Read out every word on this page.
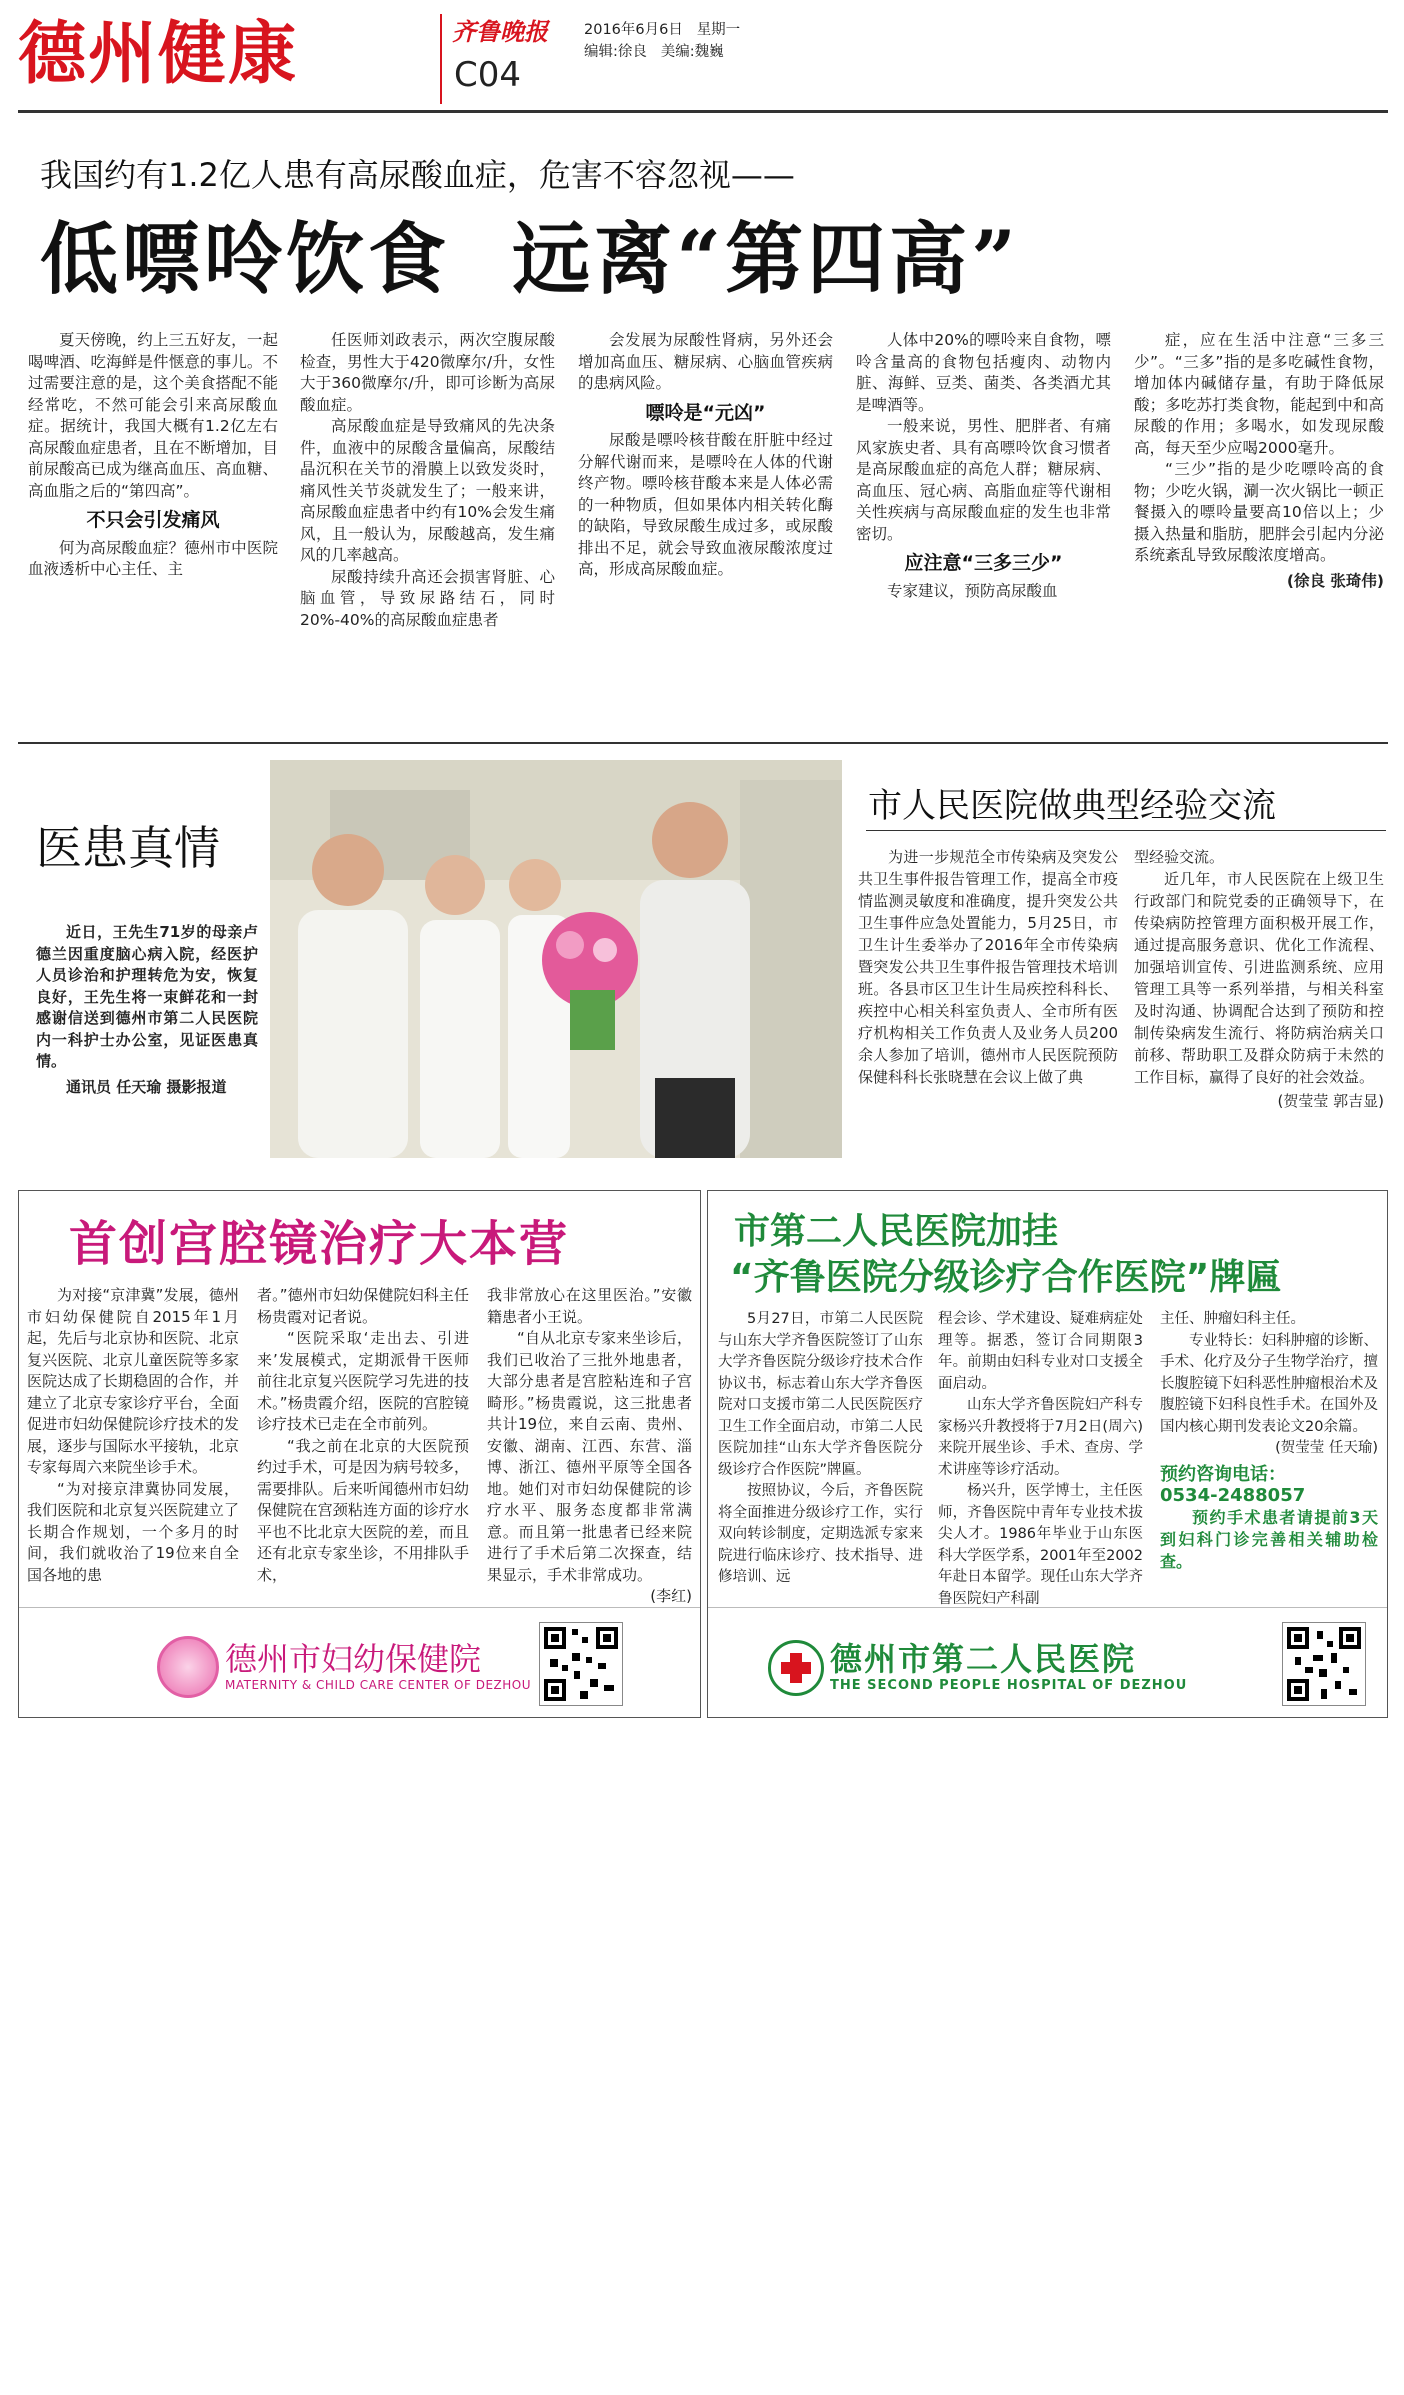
德州健康	齐鲁晚报
C04
2016年6月6日 星期一
编辑:徐良 美编:魏巍
我国约有1.2亿人患有高尿酸血症，危害不容忽视——
低嘌呤饮食  远离“第四高”

夏天傍晚，约上三五好友，一起喝啤酒、吃海鲜是件惬意的事儿。不过需要注意的是，这个美食搭配不能经常吃，不然可能会引来高尿酸血症。据统计，我国大概有1.2亿左右高尿酸血症患者，且在不断增加，目前尿酸高已成为继高血压、高血糖、高血脂之后的“第四高”。

不只会引发痛风

何为高尿酸血症？德州市中医院血液透析中心主任、主

任医师刘政表示，两次空腹尿酸检查，男性大于420微摩尔/升，女性大于360微摩尔/升，即可诊断为高尿酸血症。

高尿酸血症是导致痛风的先决条件，血液中的尿酸含量偏高，尿酸结晶沉积在关节的滑膜上以致发炎时，痛风性关节炎就发生了；一般来讲，高尿酸血症患者中约有10%会发生痛风，且一般认为，尿酸越高，发生痛风的几率越高。

尿酸持续升高还会损害肾脏、心脑血管，导致尿路结石，同时20%-40%的高尿酸血症患者

会发展为尿酸性肾病，另外还会增加高血压、糖尿病、心脑血管疾病的患病风险。

嘌呤是“元凶”

尿酸是嘌呤核苷酸在肝脏中经过分解代谢而来，是嘌呤在人体的代谢终产物。嘌呤核苷酸本来是人体必需的一种物质，但如果体内相关转化酶的缺陷，导致尿酸生成过多，或尿酸排出不足，就会导致血液尿酸浓度过高，形成高尿酸血症。

人体中20%的嘌呤来自食物，嘌呤含量高的食物包括瘦肉、动物内脏、海鲜、豆类、菌类、各类酒尤其是啤酒等。

一般来说，男性、肥胖者、有痛风家族史者、具有高嘌呤饮食习惯者是高尿酸血症的高危人群；糖尿病、高血压、冠心病、高脂血症等代谢相关性疾病与高尿酸血症的发生也非常密切。

应注意“三多三少”

专家建议，预防高尿酸血

症，应在生活中注意“三多三少”。“三多”指的是多吃碱性食物，增加体内碱储存量，有助于降低尿酸；多吃苏打类食物，能起到中和高尿酸的作用；多喝水，如发现尿酸高，每天至少应喝2000毫升。

“三少”指的是少吃嘌呤高的食物；少吃火锅，涮一次火锅比一顿正餐摄入的嘌呤量要高10倍以上；少摄入热量和脂肪，肥胖会引起内分泌系统紊乱导致尿酸浓度增高。

(徐良 张琦伟)
医患真情

近日，王先生71岁的母亲卢德兰因重度脑心病入院，经医护人员诊治和护理转危为安，恢复良好，王先生将一束鲜花和一封感谢信送到德州市第二人民医院内一科护士办公室，见证医患真情。

通讯员 任天瑜 摄影报道

市人民医院做典型经验交流

为进一步规范全市传染病及突发公共卫生事件报告管理工作，提高全市疫情监测灵敏度和准确度，提升突发公共卫生事件应急处置能力，5月25日，市卫生计生委举办了2016年全市传染病暨突发公共卫生事件报告管理技术培训班。各县市区卫生计生局疾控科科长、疾控中心相关科室负责人、全市所有医疗机构相关工作负责人及业务人员200余人参加了培训，德州市人民医院预防保健科科长张晓慧在会议上做了典

型经验交流。

近几年，市人民医院在上级卫生行政部门和院党委的正确领导下，在传染病防控管理方面积极开展工作，通过提高服务意识、优化工作流程、加强培训宣传、引进监测系统、应用管理工具等一系列举措，与相关科室及时沟通、协调配合达到了预防和控制传染病发生流行、将防病治病关口前移、帮助职工及群众防病于未然的工作目标，赢得了良好的社会效益。

(贺莹莹 郭吉显)
首创宫腔镜治疗大本营

为对接“京津冀”发展，德州市妇幼保健院自2015年1月起，先后与北京协和医院、北京复兴医院、北京儿童医院等多家医院达成了长期稳固的合作，并建立了北京专家诊疗平台，全面促进市妇幼保健院诊疗技术的发展，逐步与国际水平接轨，北京专家每周六来院坐诊手术。

“为对接京津冀协同发展，我们医院和北京复兴医院建立了长期合作规划，一个多月的时间，我们就收治了19位来自全国各地的患

者。”德州市妇幼保健院妇科主任杨贵霞对记者说。

“医院采取‘走出去、引进来’发展模式，定期派骨干医师前往北京复兴医院学习先进的技术。”杨贵霞介绍，医院的宫腔镜诊疗技术已走在全市前列。

“我之前在北京的大医院预约过手术，可是因为病号较多，需要排队。后来听闻德州市妇幼保健院在宫颈粘连方面的诊疗水平也不比北京大医院的差，而且还有北京专家坐诊，不用排队手术，

我非常放心在这里医治。”安徽籍患者小王说。

“自从北京专家来坐诊后，我们已收治了三批外地患者，大部分患者是宫腔粘连和子宫畸形。”杨贵霞说，这三批患者共计19位，来自云南、贵州、安徽、湖南、江西、东营、淄博、浙江、德州平原等全国各地。她们对市妇幼保健院的诊疗水平、服务态度都非常满意。而且第一批患者已经来院进行了手术后第二次探查，结果显示，手术非常成功。

(李红)
德州市妇幼保健院
MATERNITY & CHILD CARE CENTER OF DEZHOU
市第二人民医院加挂
“齐鲁医院分级诊疗合作医院”牌匾

5月27日，市第二人民医院与山东大学齐鲁医院签订了山东大学齐鲁医院分级诊疗技术合作协议书，标志着山东大学齐鲁医院对口支援市第二人民医院医疗卫生工作全面启动，市第二人民医院加挂“山东大学齐鲁医院分级诊疗合作医院”牌匾。

按照协议，今后，齐鲁医院将全面推进分级诊疗工作，实行双向转诊制度，定期选派专家来院进行临床诊疗、技术指导、进修培训、远

程会诊、学术建设、疑难病症处理等。据悉，签订合同期限3年。前期由妇科专业对口支援全面启动。

山东大学齐鲁医院妇产科专家杨兴升教授将于7月2日(周六)来院开展坐诊、手术、查房、学术讲座等诊疗活动。

杨兴升，医学博士，主任医师，齐鲁医院中青年专业技术拔尖人才。1986年毕业于山东医科大学医学系，2001年至2002年赴日本留学。现任山东大学齐鲁医院妇产科副

主任、肿瘤妇科主任。

专业特长：妇科肿瘤的诊断、手术、化疗及分子生物学治疗，擅长腹腔镜下妇科恶性肿瘤根治术及腹腔镜下妇科良性手术。在国外及国内核心期刊发表论文20余篇。

(贺莹莹 任天瑜)
预约咨询电话：
0534-2488057

预约手术患者请提前3天到妇科门诊完善相关辅助检查。

德州市第二人民医院
THE SECOND PEOPLE HOSPITAL OF DEZHOU
